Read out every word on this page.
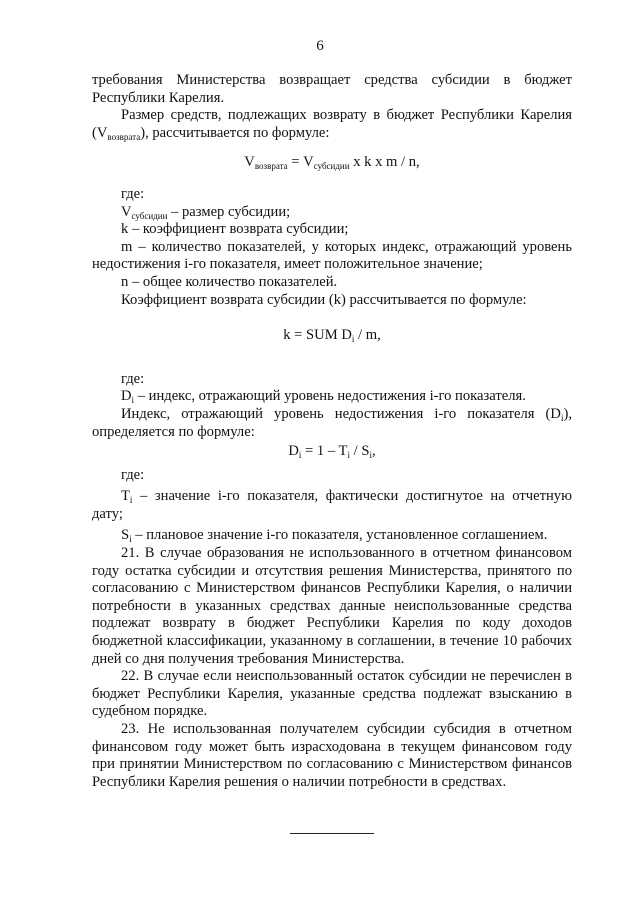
6

требования Министерства возвращает средства субсидии в бюджет Республики Карелия.

Размер средств, подлежащих возврату в бюджет Республики Карелия $(V_{возврата})$, рассчитывается по формуле:

$V_{возврата} = V_{субсидии}$ x k x m / n,

где:

$V_{субсидии}$ – размер субсидии;

k – коэффициент возврата субсидии;

m – количество показателей, у которых индекс, отражающий уровень недостижения i-го показателя, имеет положительное значение;

n – общее количество показателей.

Коэффициент возврата субсидии (k) рассчитывается по формуле:

k = SUM $D_i$ / m,

где:

$D_i$ – индекс, отражающий уровень недостижения i-го показателя.

Индекс, отражающий уровень недостижения i-го показателя $(D_i)$, определяется по формуле:

$D_i = 1 - T_i / S_i$,

где:

$T_i$ – значение i-го показателя, фактически достигнутое на отчетную дату;

$S_i$ – плановое значение i-го показателя, установленное соглашением.

21. В случае образования не использованного в отчетном финансовом году остатка субсидии и отсутствия решения Министерства, принятого по согласованию с Министерством финансов Республики Карелия, о наличии потребности в указанных средствах данные неиспользованные средства подлежат возврату в бюджет Республики Карелия по коду доходов бюджетной классификации, указанному в соглашении, в течение 10 рабочих дней со дня получения требования Министерства.

22. В случае если неиспользованный остаток субсидии не перечислен в бюджет Республики Карелия, указанные средства подлежат взысканию в судебном порядке.

23. Не использованная получателем субсидии субсидия в отчетном финансовом году может быть израсходована в текущем финансовом году при принятии Министерством по согласованию с Министерством финансов Республики Карелия решения о наличии потребности в средствах.
